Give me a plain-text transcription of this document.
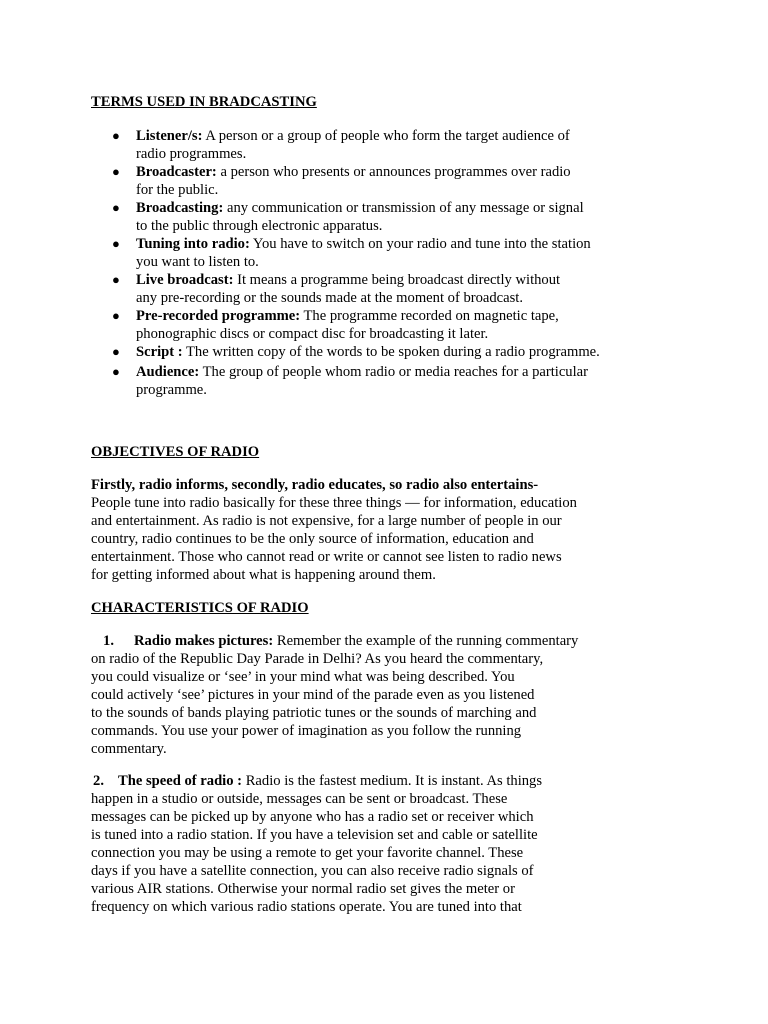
TERMS USED IN BRADCASTING
● Listener/s: A person or a group of people who form the target audience of
radio programmes.
● Broadcaster: a person who presents or announces programmes over radio
for the public.
● Broadcasting: any communication or transmission of any message or signal
to the public through electronic apparatus.
● Tuning into radio: You have to switch on your radio and tune into the station
you want to listen to.
● Live broadcast: It means a programme being broadcast directly without
any pre-recording or the sounds made at the moment of broadcast.
● Pre-recorded programme: The programme recorded on magnetic tape,
phonographic discs or compact disc for broadcasting it later.
● Script : The written copy of the words to be spoken during a radio programme.
● Audience: The group of people whom radio or media reaches for a particular
programme.
OBJECTIVES OF RADIO
Firstly, radio informs, secondly, radio educates, so radio also entertains-
People tune into radio basically for these three things — for information, education
and entertainment. As radio is not expensive, for a large number of people in our
country, radio continues to be the only source of information, education and
entertainment. Those who cannot read or write or cannot see listen to radio news
for getting informed about what is happening around them.
CHARACTERISTICS OF RADIO
1. Radio makes pictures: Remember the example of the running commentary
on radio of the Republic Day Parade in Delhi? As you heard the commentary,
you could visualize or ‘see’ in your mind what was being described. You
could actively ‘see’ pictures in your mind of the parade even as you listened
to the sounds of bands playing patriotic tunes or the sounds of marching and
commands. You use your power of imagination as you follow the running
commentary.
2. The speed of radio : Radio is the fastest medium. It is instant. As things
happen in a studio or outside, messages can be sent or broadcast. These
messages can be picked up by anyone who has a radio set or receiver which
is tuned into a radio station. If you have a television set and cable or satellite
connection you may be using a remote to get your favorite channel. These
days if you have a satellite connection, you can also receive radio signals of
various AIR stations. Otherwise your normal radio set gives the meter or
frequency on which various radio stations operate. You are tuned into that
